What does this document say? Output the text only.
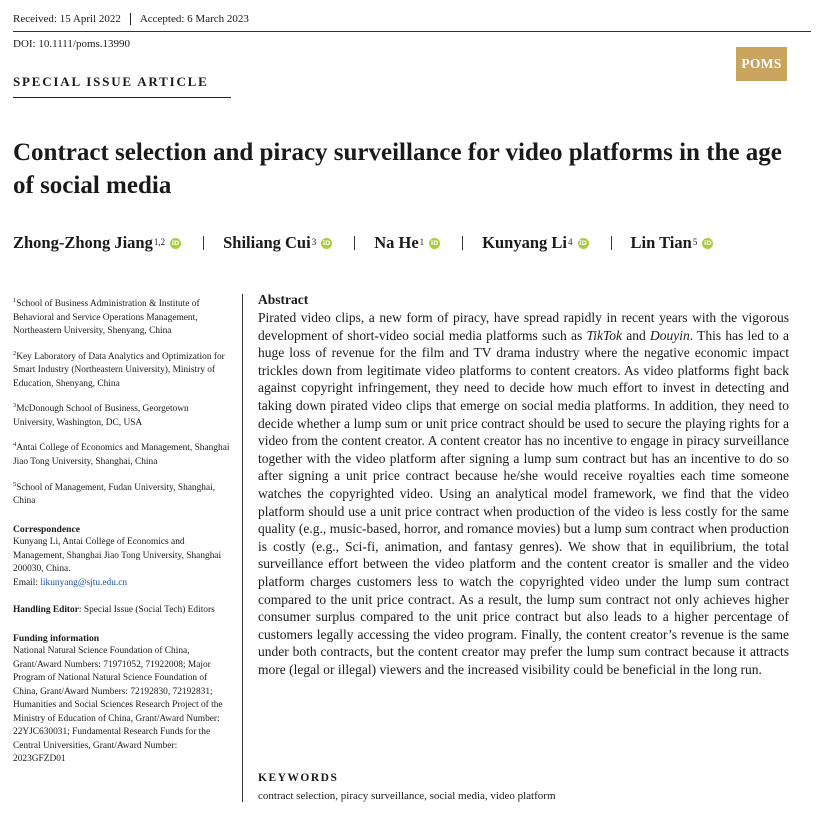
Received: 15 April 2022 Accepted: 6 March 2023
DOI: 10.1111/poms.13990
POMS
SPECIAL ISSUE ARTICLE
Contract selection and piracy surveillance for video platforms in the age of social media
Zhong-Zhong Jiang$^{1,2}$ iD	Shiliang Cui$^3$ iD	Na He$^1$ iD	Kunyang Li$^4$ iD	Lin Tian$^5$ iD
$^1$School of Business Administration & Institute of Behavioral and Service Operations Management, Northeastern University, Shenyang, China
$^2$Key Laboratory of Data Analytics and Optimization for Smart Industry (Northeastern University), Ministry of Education, Shenyang, China
$^3$McDonough School of Business, Georgetown University, Washington, DC, USA
$^4$Antai College of Economics and Management, Shanghai Jiao Tong University, Shanghai, China
$^5$School of Management, Fudan University, Shanghai, China
Correspondence
Kunyang Li, Antai College of Economics and Management, Shanghai Jiao Tong University, Shanghai 200030, China.
Email: likunyang@sjtu.edu.cn
Handling Editor: Special Issue (Social Tech) Editors
Funding information
National Natural Science Foundation of China, Grant/Award Numbers: 71971052, 71922008; Major Program of National Natural Science Foundation of China, Grant/Award Numbers: 72192830, 72192831; Humanities and Social Sciences Research Project of the Ministry of Education of China, Grant/Award Number: 22YJC630031; Fundamental Research Funds for the Central Universities, Grant/Award Number: 2023GFZD01
Abstract
Pirated video clips, a new form of piracy, have spread rapidly in recent years with the vigorous development of short-video social media platforms such as TikTok and Douyin. This has led to a huge loss of revenue for the film and TV drama industry where the negative economic impact trickles down from legitimate video platforms to content creators. As video platforms fight back against copyright infringement, they need to decide how much effort to invest in detecting and taking down pirated video clips that emerge on social media platforms. In addition, they need to decide whether a lump sum or unit price contract should be used to secure the playing rights for a video from the content creator. A content creator has no incentive to engage in piracy surveillance together with the video platform after signing a lump sum contract but has an incentive to do so after signing a unit price contract because he/she would receive royalties each time someone watches the copyrighted video. Using an analytical model framework, we find that the video platform should use a unit price contract when production of the video is less costly for the same quality (e.g., music-based, horror, and romance movies) but a lump sum contract when production is costly (e.g., Sci-fi, animation, and fantasy genres). We show that in equilibrium, the total surveillance effort between the video platform and the content creator is smaller and the video platform charges customers less to watch the copyrighted video under the lump sum contract compared to the unit price contract. As a result, the lump sum contract not only achieves higher consumer surplus compared to the unit price contract but also leads to a higher percentage of customers legally accessing the video program. Finally, the content creator’s revenue is the same under both contracts, but the content creator may prefer the lump sum contract because it attracts more (legal or illegal) viewers and the increased visibility could be beneficial in the long run.
KEYWORDS
contract selection, piracy surveillance, social media, video platform
